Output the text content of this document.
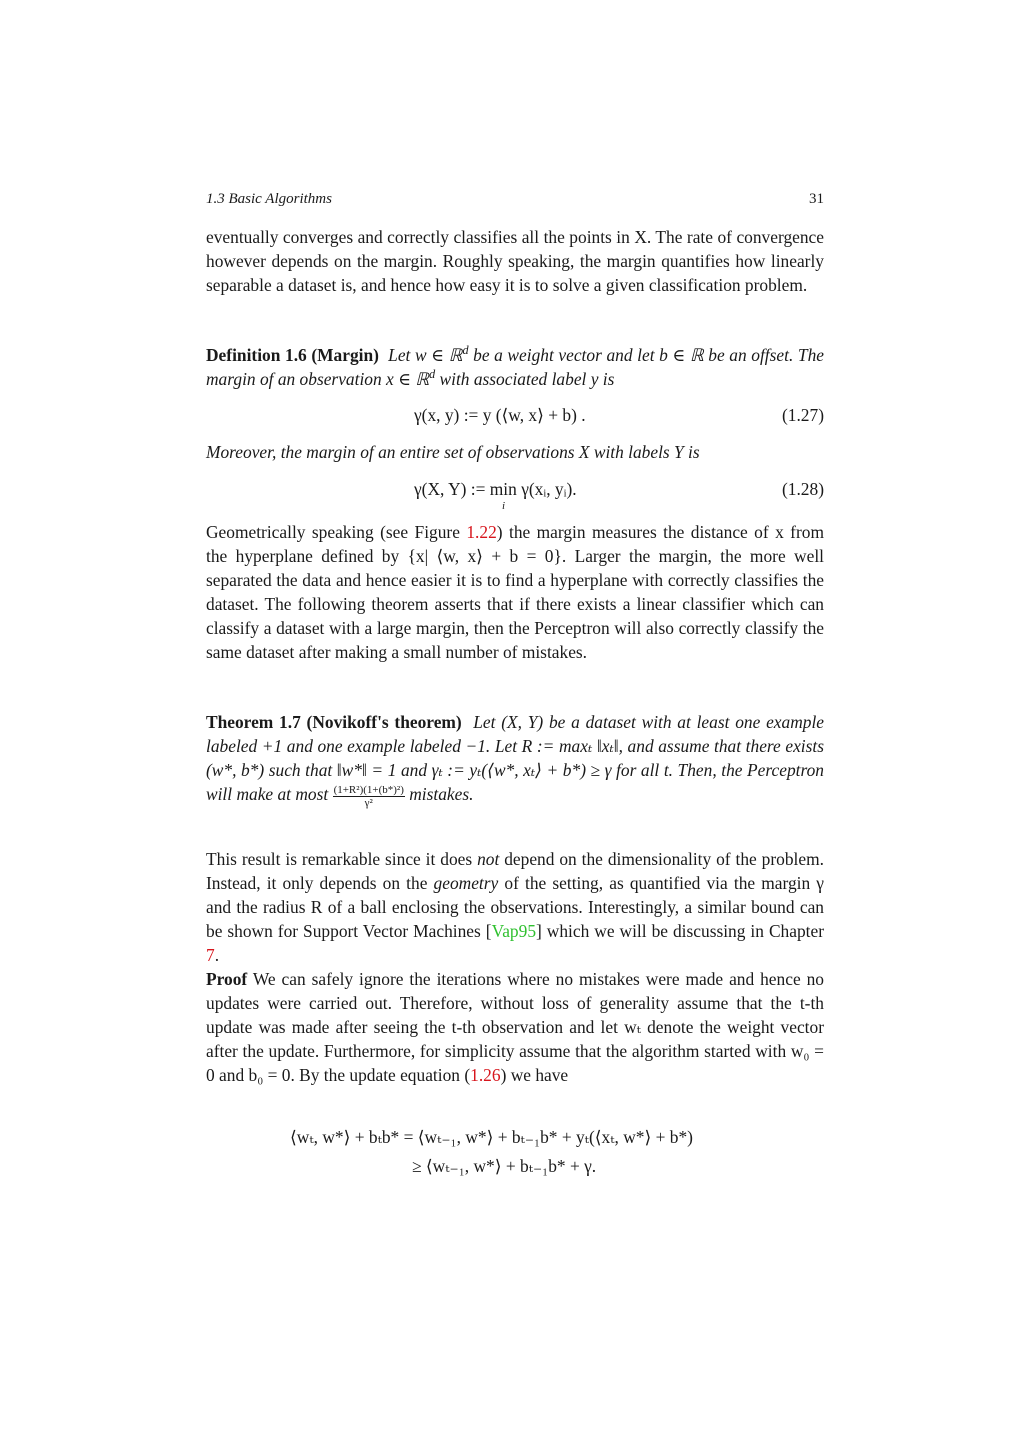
1.3 Basic Algorithms	31

eventually converges and correctly classifies all the points in X. The rate of convergence however depends on the margin. Roughly speaking, the margin quantifies how linearly separable a dataset is, and hence how easy it is to solve a given classification problem.

Definition 1.6 (Margin) Let w ∈ ℝ$^d$ be a weight vector and let b ∈ ℝ be an offset. The margin of an observation x ∈ ℝ$^d$ with associated label y is

γ(x, y) := y (⟨w, x⟩ + b) .	(1.27)

Moreover, the margin of an entire set of observations X with labels Y is

γ(X, Y) := min
i
γ(xᵢ, yᵢ).	(1.28)

Geometrically speaking (see Figure 1.22) the margin measures the distance of x from the hyperplane defined by {x| ⟨w, x⟩ + b = 0}. Larger the margin, the more well separated the data and hence easier it is to find a hyperplane with correctly classifies the dataset. The following theorem asserts that if there exists a linear classifier which can classify a dataset with a large margin, then the Perceptron will also correctly classify the same dataset after making a small number of mistakes.

Theorem 1.7 (Novikoff's theorem) Let (X, Y) be a dataset with at least one example labeled +1 and one example labeled −1. Let R := maxₜ ‖xₜ‖, and assume that there exists (w*, b*) such that ‖w*‖ = 1 and γₜ := yₜ(⟨w*, xₜ⟩ + b*) ≥ γ for all t. Then, the Perceptron will make at most $\frac{\text{(1+R²)(1+(b*)²)}}{\text{γ²}}$ mistakes.

This result is remarkable since it does not depend on the dimensionality of the problem. Instead, it only depends on the geometry of the setting, as quantified via the margin γ and the radius R of a ball enclosing the observations. Interestingly, a similar bound can be shown for Support Vector Machines [Vap95] which we will be discussing in Chapter 7.

Proof We can safely ignore the iterations where no mistakes were made and hence no updates were carried out. Therefore, without loss of generality assume that the t-th update was made after seeing the t-th observation and let wₜ denote the weight vector after the update. Furthermore, for simplicity assume that the algorithm started with w₀ = 0 and b₀ = 0. By the update equation (1.26) we have

⟨wₜ, w*⟩ + bₜb* = ⟨wₜ₋₁, w*⟩ + bₜ₋₁b* + yₜ(⟨xₜ, w*⟩ + b*)
≥ ⟨wₜ₋₁, w*⟩ + bₜ₋₁b* + γ.
